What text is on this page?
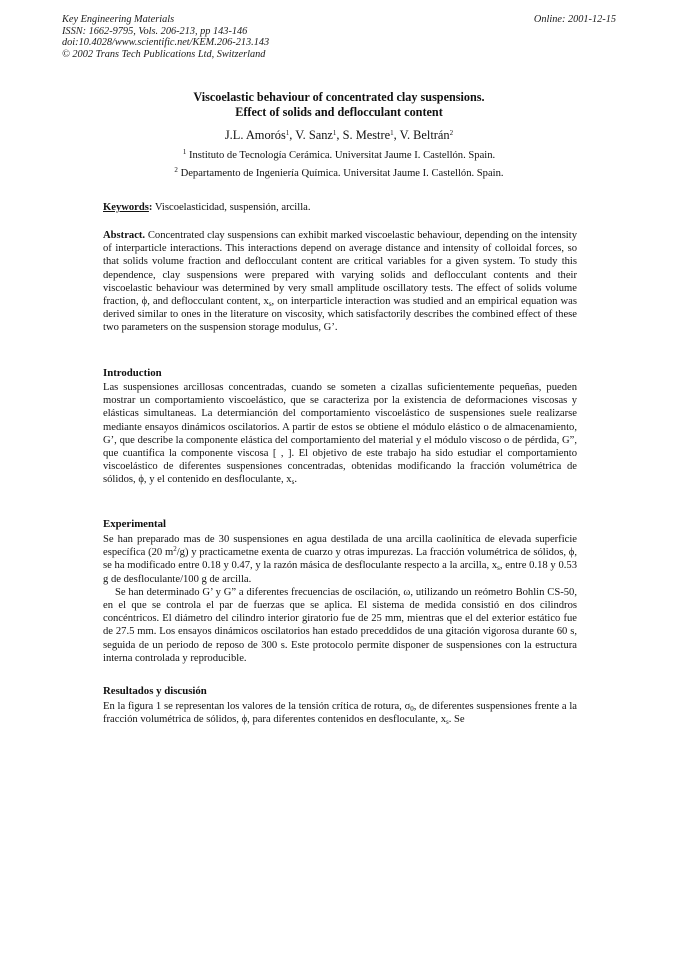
Key Engineering Materials
ISSN: 1662-9795, Vols. 206-213, pp 143-146
doi:10.4028/www.scientific.net/KEM.206-213.143
© 2002 Trans Tech Publications Ltd, Switzerland
Online: 2001-12-15
Viscoelastic behaviour of concentrated clay suspensions.
Effect of solids and deflocculant content
J.L. Amorós$^1$, V. Sanz$^1$, S. Mestre$^1$, V. Beltrán$^2$
$^1$ Instituto de Tecnología Cerámica. Universitat Jaume I. Castellón. Spain.
$^2$ Departamento de Ingeniería Química. Universitat Jaume I. Castellón. Spain.
Keywords: Viscoelasticidad, suspensión, arcilla.

Abstract. Concentrated clay suspensions can exhibit marked viscoelastic behaviour, depending on the intensity of interparticle interactions. This interactions depend on average distance and intensity of colloidal forces, so that solids volume fraction and deflocculant content are critical variables for a given system. To study this dependence, clay suspensions were prepared with varying solids and deflocculant contents and their viscoelastic behaviour was determined by very small amplitude oscillatory tests. The effect of solids volume fraction, ϕ, and deflocculant content, $x_s$, on interparticle interaction was studied and an empirical equation was derived similar to ones in the literature on viscosity, which satisfactorily describes the combined effect of these two parameters on the suspension storage modulus, G’.

Introduction

Las suspensiones arcillosas concentradas, cuando se someten a cizallas suficientemente pequeñas, pueden mostrar un comportamiento viscoelástico, que se caracteriza por la existencia de deformaciones viscosas y elásticas simultaneas. La determianción del comportamiento viscoelástico de suspensiones suele realizarse mediante ensayos dinámicos oscilatorios. A partir de estos se obtiene el módulo elástico o de almacenamiento, G’, que describe la componente elástica del comportamiento del material y el módulo viscoso o de pérdida, G”, que cuantifica la componente viscosa [ , ]. El objetivo de este trabajo ha sido estudiar el comportamiento viscoelástico de diferentes suspensiones concentradas, obtenidas modificando la fracción volumétrica de sólidos, ϕ, y el contenido en desfloculante, $x_s$.

Experimental

Se han preparado mas de 30 suspensiones en agua destilada de una arcilla caolinítica de elevada superficie específica (20 $m^2/g$) y practicametne exenta de cuarzo y otras impurezas. La fracción volumétrica de sólidos, ϕ, se ha modificado entre 0.18 y 0.47, y la razón másica de desfloculante respecto a la arcilla, $x_s$, entre 0.18 y 0.53 g de desfloculante/100 g de arcilla.

Se han determinado G’ y G” a diferentes frecuencias de oscilación, ω, utilizando un reómetro Bohlin CS-50, en el que se controla el par de fuerzas que se aplica. El sistema de medida consistió en dos cilindros concéntricos. El diámetro del cilindro interior giratorio fue de 25 mm, mientras que el del exterior estático fue de 27.5 mm. Los ensayos dinámicos oscilatorios han estado preceddidos de una gitación vigorosa durante 60 s, seguida de un periodo de reposo de 300 s. Este protocolo permite disponer de suspensiones con la estructura interna controlada y reproducible.

Resultados y discusión

En la figura 1 se representan los valores de la tensión crítica de rotura, $\sigma_0$, de diferentes suspensiones frente a la fracción volumétrica de sólidos, ϕ, para diferentes contenidos en desfloculante, $x_s$. Se
